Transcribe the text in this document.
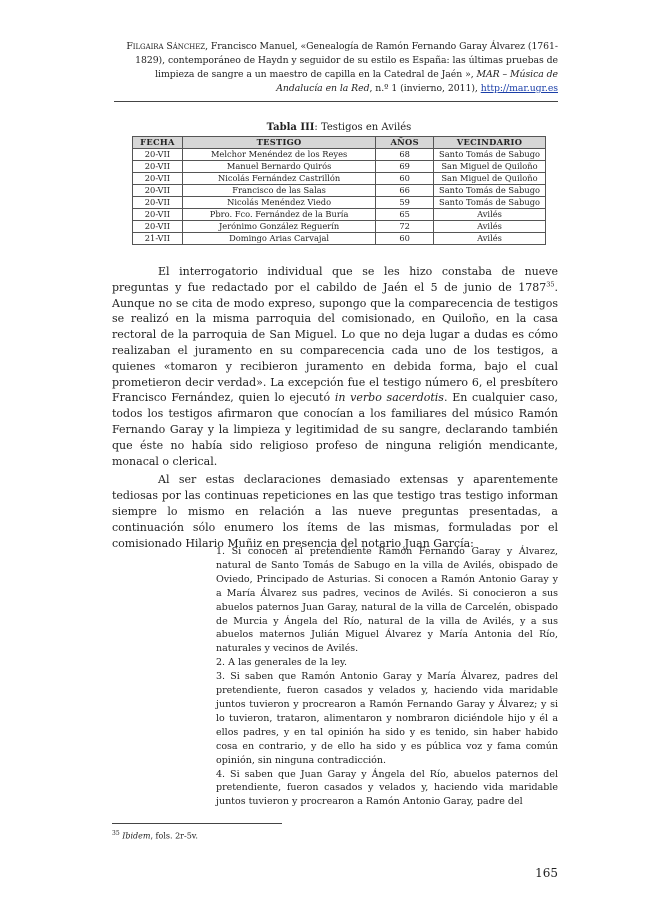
Filgaira Sánchez, Francisco Manuel, «Genealogía de Ramón Fernando Garay Álvarez (1761-1829), contemporáneo de Haydn y seguidor de su estilo es España: las últimas pruebas de limpieza de sangre a un maestro de capilla en la Catedral de Jaén », MAR – Música de Andalucía en la Red, n.º 1 (invierno, 2011), http://mar.ugr.es
Tabla III: Testigos en Avilés
FECHA	TESTIGO	AÑOS	VECINDARIO
20-VII	Melchor Menéndez de los Reyes	68	Santo Tomás de Sabugo
20-VII	Manuel Bernardo Quirós	69	San Miguel de Quiloño
20-VII	Nicolás Fernández Castrillón	60	San Miguel de Quiloño
20-VII	Francisco de las Salas	66	Santo Tomás de Sabugo
20-VII	Nicolás Menéndez Viedo	59	Santo Tomás de Sabugo
20-VII	Pbro. Fco. Fernández de la Buría	65	Avilés
20-VII	Jerónimo González Reguerín	72	Avilés
21-VII	Domingo Arias Carvajal	60	Avilés

El interrogatorio individual que se les hizo constaba de nueve preguntas y fue redactado por el cabildo de Jaén el 5 de junio de 1787$^{35}$. Aunque no se cita de modo expreso, supongo que la comparecencia de testigos se realizó en la misma parroquia del comisionado, en Quiloño, en la casa rectoral de la parroquia de San Miguel. Lo que no deja lugar a dudas es cómo realizaban el juramento en su comparecencia cada uno de los testigos, a quienes «tomaron y recibieron juramento en debida forma, bajo el cual prometieron decir verdad». La excepción fue el testigo número 6, el presbítero Francisco Fernández, quien lo ejecutó in verbo sacerdotis. En cualquier caso, todos los testigos afirmaron que conocían a los familiares del músico Ramón Fernando Garay y la limpieza y legitimidad de su sangre, declarando también que éste no había sido religioso profeso de ninguna religión mendicante, monacal o clerical.

Al ser estas declaraciones demasiado extensas y aparentemente tediosas por las continuas repeticiones en las que testigo tras testigo informan siempre lo mismo en relación a las nueve preguntas presentadas, a continuación sólo enumero los ítems de las mismas, formuladas por el comisionado Hilario Muñiz en presencia del notario Juan García:

1. Si conocen al pretendiente Ramón Fernando Garay y Álvarez, natural de Santo Tomás de Sabugo en la villa de Avilés, obispado de Oviedo, Principado de Asturias. Si conocen a Ramón Antonio Garay y a María Álvarez sus padres, vecinos de Avilés. Si conocieron a sus abuelos paternos Juan Garay, natural de la villa de Carcelén, obispado de Murcia y Ángela del Río, natural de la villa de Avilés, y a sus abuelos maternos Julián Miguel Álvarez y María Antonia del Río, naturales y vecinos de Avilés.

2. A las generales de la ley.

3. Si saben que Ramón Antonio Garay y María Álvarez, padres del pretendiente, fueron casados y velados y, haciendo vida maridable juntos tuvieron y procrearon a Ramón Fernando Garay y Álvarez; y si lo tuvieron, trataron, alimentaron y nombraron diciéndole hijo y él a ellos padres, y en tal opinión ha sido y es tenido, sin haber habido cosa en contrario, y de ello ha sido y es pública voz y fama común opinión, sin ninguna contradicción.

4. Si saben que Juan Garay y Ángela del Río, abuelos paternos del pretendiente, fueron casados y velados y, haciendo vida maridable juntos tuvieron y procrearon a Ramón Antonio Garay, padre del

$^{35}$ Ibidem, fols. 2r-5v.
165
